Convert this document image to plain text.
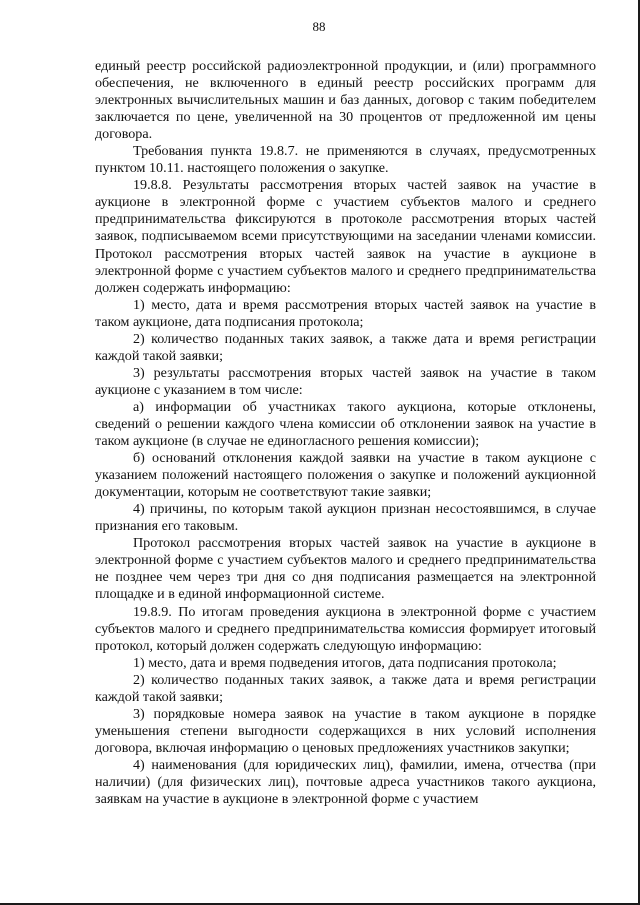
88

единый реестр российской радиоэлектронной продукции, и (или) программного обеспечения, не включенного в единый реестр российских программ для электронных вычислительных машин и баз данных, договор с таким победителем заключается по цене, увеличенной на 30 процентов от предложенной им цены договора.

Требования пункта 19.8.7. не применяются в случаях, предусмотренных пунктом 10.11. настоящего положения о закупке.

19.8.8. Результаты рассмотрения вторых частей заявок на участие в аукционе в электронной форме с участием субъектов малого и среднего предпринимательства фиксируются в протоколе рассмотрения вторых частей заявок, подписываемом всеми присутствующими на заседании членами комиссии. Протокол рассмотрения вторых частей заявок на участие в аукционе в электронной форме с участием субъектов малого и среднего предпринимательства должен содержать информацию:

1) место, дата и время рассмотрения вторых частей заявок на участие в таком аукционе, дата подписания протокола;

2) количество поданных таких заявок, а также дата и время регистрации каждой такой заявки;

3) результаты рассмотрения вторых частей заявок на участие в таком аукционе с указанием в том числе:

а) информации об участниках такого аукциона, которые отклонены, сведений о решении каждого члена комиссии об отклонении заявок на участие в таком аукционе (в случае не единогласного решения комиссии);

б) оснований отклонения каждой заявки на участие в таком аукционе с указанием положений настоящего положения о закупке и положений аукционной документации, которым не соответствуют такие заявки;

4) причины, по которым такой аукцион признан несостоявшимся, в случае признания его таковым.

Протокол рассмотрения вторых частей заявок на участие в аукционе в электронной форме с участием субъектов малого и среднего предпринимательства не позднее чем через три дня со дня подписания размещается на электронной площадке и в единой информационной системе.

19.8.9. По итогам проведения аукциона в электронной форме с участием субъектов малого и среднего предпринимательства комиссия формирует итоговый протокол, который должен содержать следующую информацию:

1) место, дата и время подведения итогов, дата подписания протокола;

2) количество поданных таких заявок, а также дата и время регистрации каждой такой заявки;

3) порядковые номера заявок на участие в таком аукционе в порядке уменьшения степени выгодности содержащихся в них условий исполнения договора, включая информацию о ценовых предложениях участников закупки;

4) наименования (для юридических лиц), фамилии, имена, отчества (при наличии) (для физических лиц), почтовые адреса участников такого аукциона, заявкам на участие в аукционе в электронной форме с участием
